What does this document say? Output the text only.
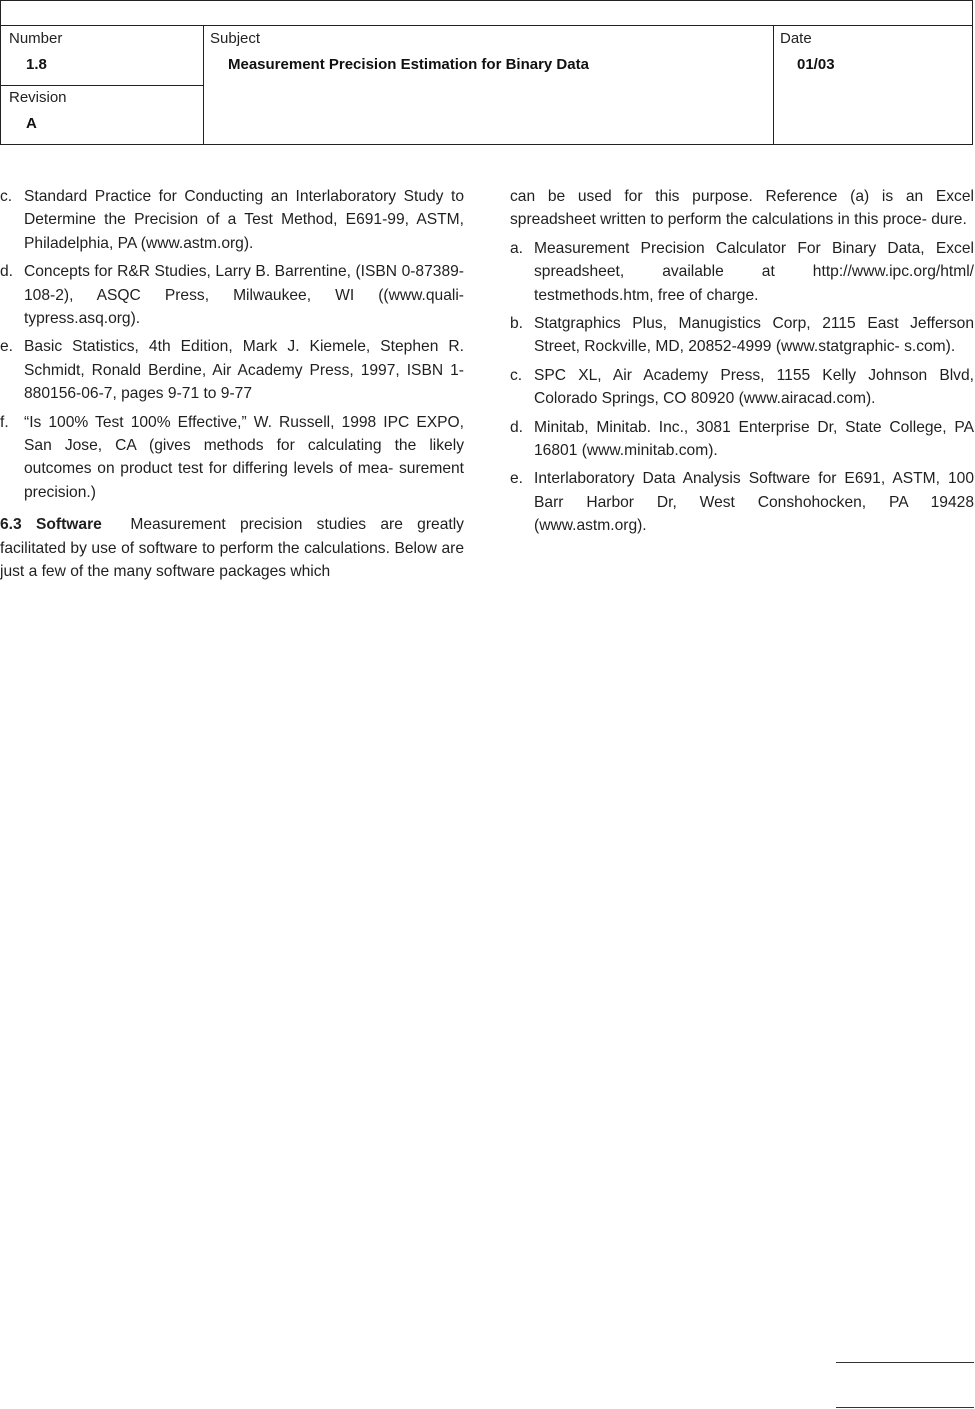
Number
1.8
Revision
A
Subject
Measurement Precision Estimation for Binary Data
Date
01/03
c. Standard Practice for Conducting an Interlaboratory Study to Determine the Precision of a Test Method, E691-99, ASTM, Philadelphia, PA (www.astm.org).
d. Concepts for R&R Studies, Larry B. Barrentine, (ISBN 0-87389-108-2), ASQC Press, Milwaukee, WI ((www.quali- typress.asq.org).
e. Basic Statistics, 4th Edition, Mark J. Kiemele, Stephen R. Schmidt, Ronald Berdine, Air Academy Press, 1997, ISBN 1-880156-06-7, pages 9-71 to 9-77
f. “Is 100% Test 100% Effective,” W. Russell, 1998 IPC EXPO, San Jose, CA (gives methods for calculating the likely outcomes on product test for differing levels of mea- surement precision.)
6.3 Software Measurement precision studies are greatly facilitated by use of software to perform the calculations. Below are just a few of the many software packages which
can be used for this purpose. Reference (a) is an Excel spreadsheet written to perform the calculations in this proce- dure.
a. Measurement Precision Calculator For Binary Data, Excel spreadsheet, available at http://www.ipc.org/html/ testmethods.htm, free of charge.
b. Statgraphics Plus, Manugistics Corp, 2115 East Jefferson Street, Rockville, MD, 20852-4999 (www.statgraphic- s.com).
c. SPC XL, Air Academy Press, 1155 Kelly Johnson Blvd, Colorado Springs, CO 80920 (www.airacad.com).
d. Minitab, Minitab. Inc., 3081 Enterprise Dr, State College, PA 16801 (www.minitab.com).
e. Interlaboratory Data Analysis Software for E691, ASTM, 100 Barr Harbor Dr, West Conshohocken, PA 19428 (www.astm.org).
